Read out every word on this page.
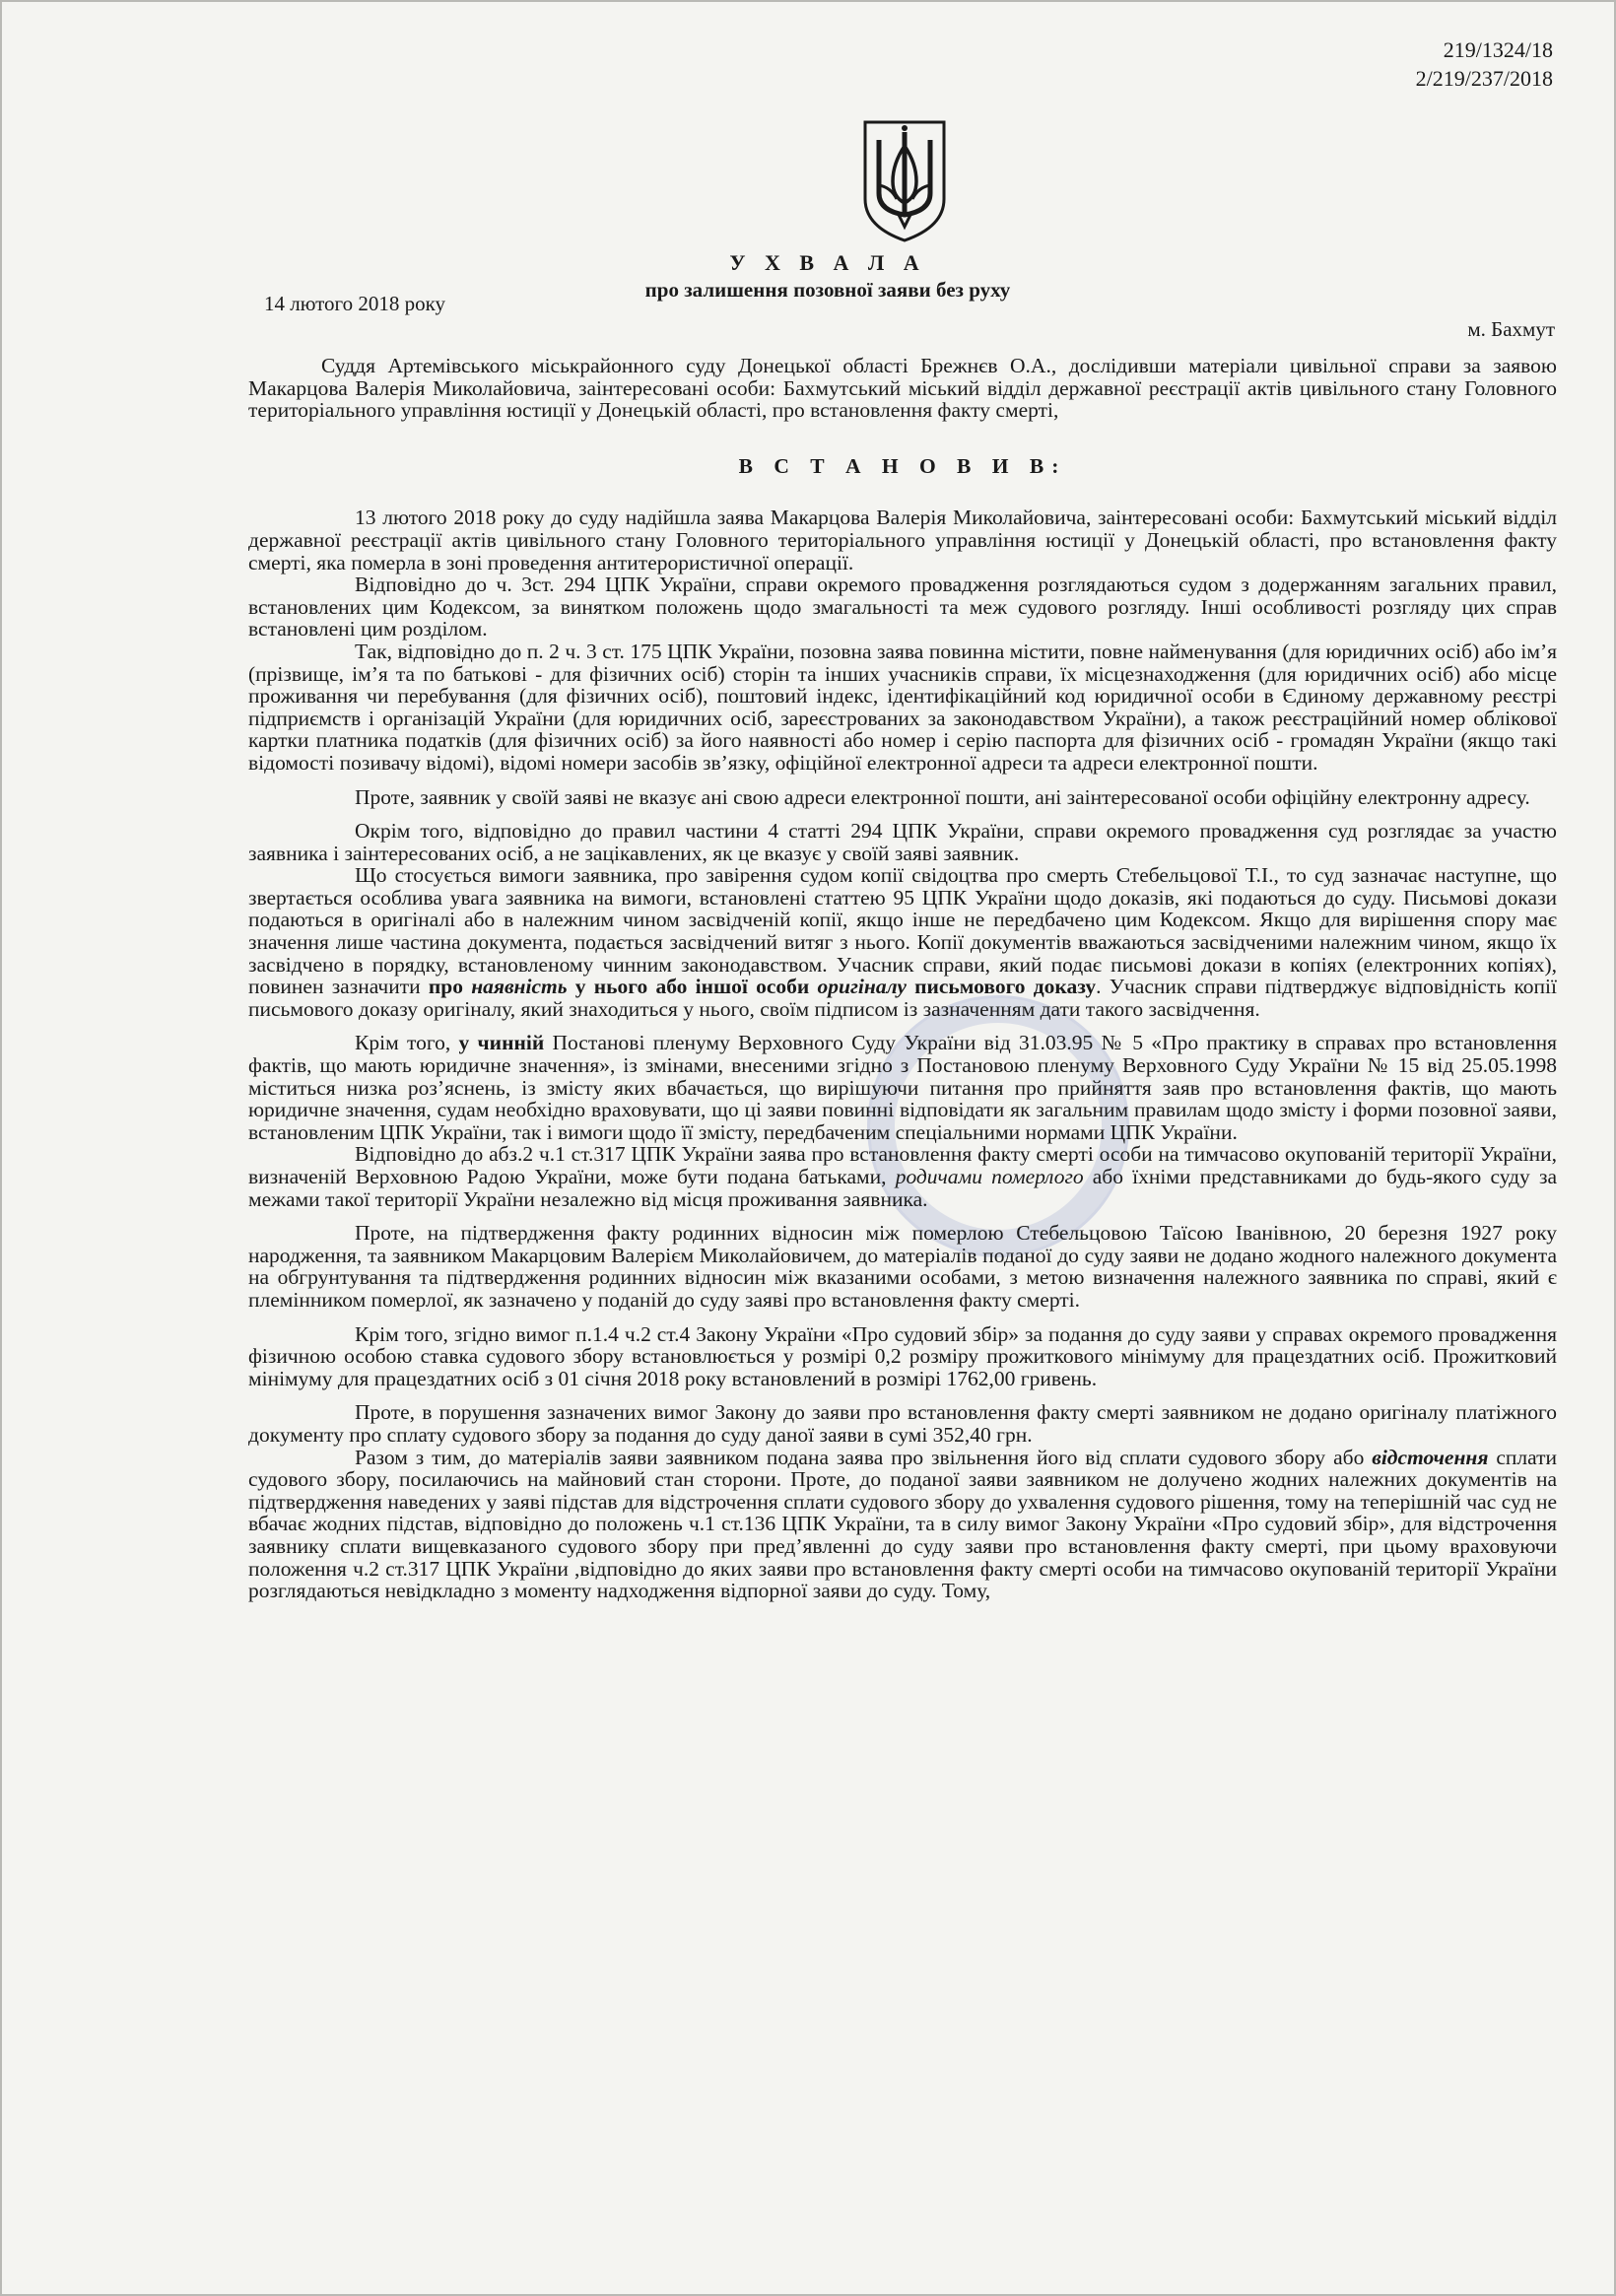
219/1324/18
2/219/237/2018
У Х В А Л А
про залишення позовної заяви без руху
14 лютого 2018 року
м. Бахмут

Суддя Артемівського міськрайонного суду Донецької області Брежнєв О.А., дослідивши матеріали цивільної справи за заявою Макарцова Валерія Миколайовича, заінтересовані особи: Бахмутський міський відділ державної реєстрації актів цивільного стану Головного територіального управління юстиції у Донецькій області, про встановлення факту смерті,

В С Т А Н О В И В:

13 лютого 2018 року до суду надійшла заява Макарцова Валерія Миколайовича, заінтересовані особи: Бахмутський міський відділ державної реєстрації актів цивільного стану Головного територіального управління юстиції у Донецькій області, про встановлення факту смерті, яка померла в зоні проведення антитерористичної операції.

Відповідно до ч. 3ст. 294 ЦПК України, справи окремого провадження розглядаються судом з додержанням загальних правил, встановлених цим Кодексом, за винятком положень щодо змагальності та меж судового розгляду. Інші особливості розгляду цих справ встановлені цим розділом.

Так, відповідно до п. 2 ч. 3 ст. 175 ЦПК України, позовна заява повинна містити, повне найменування (для юридичних осіб) або ім’я (прізвище, ім’я та по батькові - для фізичних осіб) сторін та інших учасників справи, їх місцезнаходження (для юридичних осіб) або місце проживання чи перебування (для фізичних осіб), поштовий індекс, ідентифікаційний код юридичної особи в Єдиному державному реєстрі підприємств і організацій України (для юридичних осіб, зареєстрованих за законодавством України), а також реєстраційний номер облікової картки платника податків (для фізичних осіб) за його наявності або номер і серію паспорта для фізичних осіб - громадян України (якщо такі відомості позивачу відомі), відомі номери засобів зв’язку, офіційної електронної адреси та адреси електронної пошти.

Проте, заявник у своїй заяві не вказує ані свою адреси електронної пошти, ані заінтересованої особи офіційну електронну адресу.

Окрім того, відповідно до правил частини 4 статті 294 ЦПК України, справи окремого провадження суд розглядає за участю заявника і заінтересованих осіб, а не зацікавлених, як це вказує у своїй заяві заявник.

Що стосується вимоги заявника, про завірення судом копії свідоцтва про смерть Стебельцової Т.І., то суд зазначає наступне, що звертається особлива увага заявника на вимоги, встановлені статтею 95 ЦПК України щодо доказів, які подаються до суду. Письмові докази подаються в оригіналі або в належним чином засвідченій копії, якщо інше не передбачено цим Кодексом. Якщо для вирішення спору має значення лише частина документа, подається засвідчений витяг з нього. Копії документів вважаються засвідченими належним чином, якщо їх засвідчено в порядку, встановленому чинним законодавством. Учасник справи, який подає письмові докази в копіях (електронних копіях), повинен зазначити про наявність у нього або іншої особи оригіналу письмового доказу. Учасник справи підтверджує відповідність копії письмового доказу оригіналу, який знаходиться у нього, своїм підписом із зазначенням дати такого засвідчення.

Крім того, у чинній Постанові пленуму Верховного Суду України від 31.03.95 № 5 «Про практику в справах про встановлення фактів, що мають юридичне значення», із змінами, внесеними згідно з Постановою пленуму Верховного Суду України № 15 від 25.05.1998 міститься низка роз’яснень, із змісту яких вбачається, що вирішуючи питання про прийняття заяв про встановлення фактів, що мають юридичне значення, судам необхідно враховувати, що ці заяви повинні відповідати як загальним правилам щодо змісту і форми позовної заяви, встановленим ЦПК України, так і вимоги щодо її змісту, передбаченим спеціальними нормами ЦПК України.

Відповідно до абз.2 ч.1 ст.317 ЦПК України заява про встановлення факту смерті особи на тимчасово окупованій території України, визначеній Верховною Радою України, може бути подана батьками, родичами померлого або їхніми представниками до будь-якого суду за межами такої території України незалежно від місця проживання заявника.

Проте, на підтвердження факту родинних відносин між померлою Стебельцовою Таїсою Іванівною, 20 березня 1927 року народження, та заявником Макарцовим Валерієм Миколайовичем, до матеріалів поданої до суду заяви не додано жодного належного документа на обгрунтування та підтвердження родинних відносин між вказаними особами, з метою визначення належного заявника по справі, який є племінником померлої, як зазначено у поданій до суду заяві про встановлення факту смерті.

Крім того, згідно вимог п.1.4 ч.2 ст.4 Закону України «Про судовий збір» за подання до суду заяви у справах окремого провадження фізичною особою ставка судового збору встановлюється у розмірі 0,2 розміру прожиткового мінімуму для працездатних осіб. Прожитковий мінімуму для працездатних осіб з 01 січня 2018 року встановлений в розмірі 1762,00 гривень.

Проте, в порушення зазначених вимог Закону до заяви про встановлення факту смерті заявником не додано оригіналу платіжного документу про сплату судового збору за подання до суду даної заяви в сумі 352,40 грн.

Разом з тим, до матеріалів заяви заявником подана заява про звільнення його від сплати судового збору або відсточення сплати судового збору, посилаючись на майновий стан сторони. Проте, до поданої заяви заявником не долучено жодних належних документів на підтвердження наведених у заяві підстав для відстрочення сплати судового збору до ухвалення судового рішення, тому на теперішній час суд не вбачає жодних підстав, відповідно до положень ч.1 ст.136 ЦПК України, та в силу вимог Закону України «Про судовий збір», для відстрочення заявнику сплати вищевказаного судового збору при пред’явленні до суду заяви про встановлення факту смерті, при цьому враховуючи положення ч.2 ст.317 ЦПК України ,відповідно до яких заяви про встановлення факту смерті особи на тимчасово окупованій території України розглядаються невідкладно з моменту надходження відпорної заяви до суду. Тому,
